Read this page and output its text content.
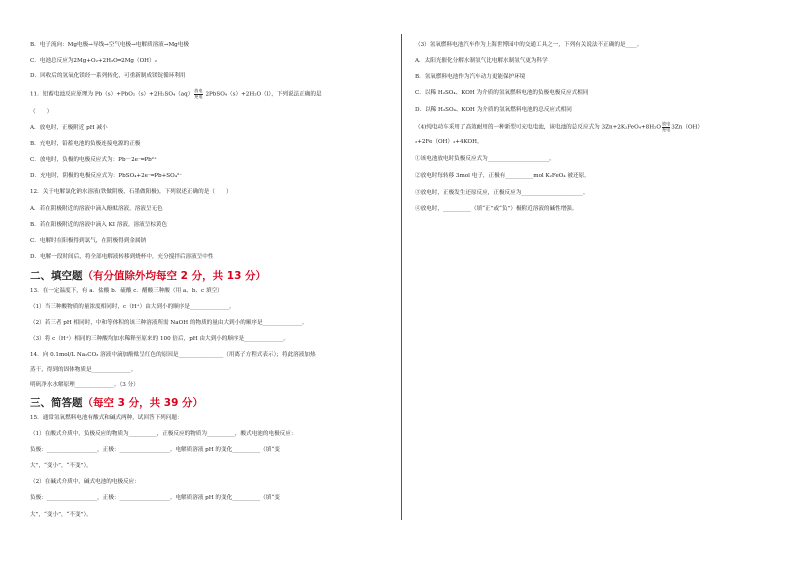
B．电子流向：Mg电极→导线→空气电极→电解质溶液→Mg电极
C．电池总反应为2Mg+O₂+2H₂O═2Mg（OH）₂
D．回收后的氢氧化镁经一系列转化，可重新制成镁锭循环利用
11．铅蓄电池反应原理为 $Pb(s)+PbO_2(s)+2H_2SO_4(aq) \frac{\text{放电}}{\text{充电}}$ 2PbSO₄（s）+2H₂O（l），下列说法正确的是
（　　）
A．放电时，正极附近 pH 减小
B．充电时，铅蓄电池的负极连接电源的正极
C．放电时，负极的电极反应式为：Pb－2e⁻═Pb²⁺
D．充电时，阴极的电极反应式为：PbSO₄+2e⁻═Pb+SO₄²⁻
12．关于电解氯化钠水溶液(铁做阴极，石墨做阳极)，下列叙述正确的是（　　）
A．若在阴极附近的溶液中滴入酚酞溶液，溶液呈无色
B．若在阳极附近的溶液中滴入 KI 溶液，溶液呈棕黄色
C．电解时在阳极得到氯气，在阴极得到金属钠
D．电解一段时间后，将全部电解液转移到烧杯中，充分搅拌后溶液呈中性
二、填空题（有分值除外均每空 2 分，共 13 分）
13．在一定温度下，有 a．盐酸 b．硫酸 c．醋酸三种酸（用 a、b、c 填空）
（1）当三种酸物质的量浓度相同时，c（H⁺）由大到小的顺序是______________。
（2）若三者 pH 相同时，中和等体积的该三种溶液所需 NaOH 的物质的量由大到小的顺序是______________。
（3）将 c（H⁺）相同的三种酸均加水稀释至原来的 100 倍后，pH 由大到小的顺序是______________。
14．向 0.1mol/L Na₂CO₃ 溶液中滴加酚酞呈红色的原因是________________（用离子方程式表示）；将此溶液加热
蒸干，得到的固体物质是______________。
明矾净水水解原理______________。（3 分）
三、简答题（每空 3 分，共 39 分）
15．通常氢氧燃料电池有酸式和碱式两种，试回答下列问题：
（1）在酸式介质中，负极反应的物质为__________，正极反应的物质为__________，酸式电池的电极反应：
负极：__________________，正极：__________________。电解质溶液 pH 的变化__________（填“变
大”，“变小”，“不变”）。
（2）在碱式介质中，碱式电池的电极反应：
负极：__________________，正极：__________________。电解质溶液 pH 的变化__________（填“变
大”，“变小”，“不变”）。
（3）氢氧燃料电池汽车作为上海世博园中的交通工具之一，下列有关说法不正确的是____。
A．太阳光催化分解水制氢气比电解水制氢气更为科学
B．氢氧燃料电池作为汽车动力更能保护环境
C．以稀 H₂SO₄、KOH 为介质的氢氧燃料电池的负极电极反应式相同
D．以稀 H₂SO₄、KOH 为介质的氢氧燃料电池的总反应式相同
（4)纯电动车采用了高效耐用的一种新型可充电电池，该电池的总反应式为 $3Zn+2K_2FeO_4+8H_2O \frac{\text{放电}}{\text{充电}} 3Zn(OH)$
₂+2Fe（OH）₃+4KOH。
①该电池放电时负极反应式为______________________。
②放电时每转移 3mol 电子，正极有__________mol K₂FeO₄ 被还原。
③放电时，正极发生还原反应，正极反应为______________________。
④放电时，__________（填“正”或“负”）极附近溶液的碱性增强。
